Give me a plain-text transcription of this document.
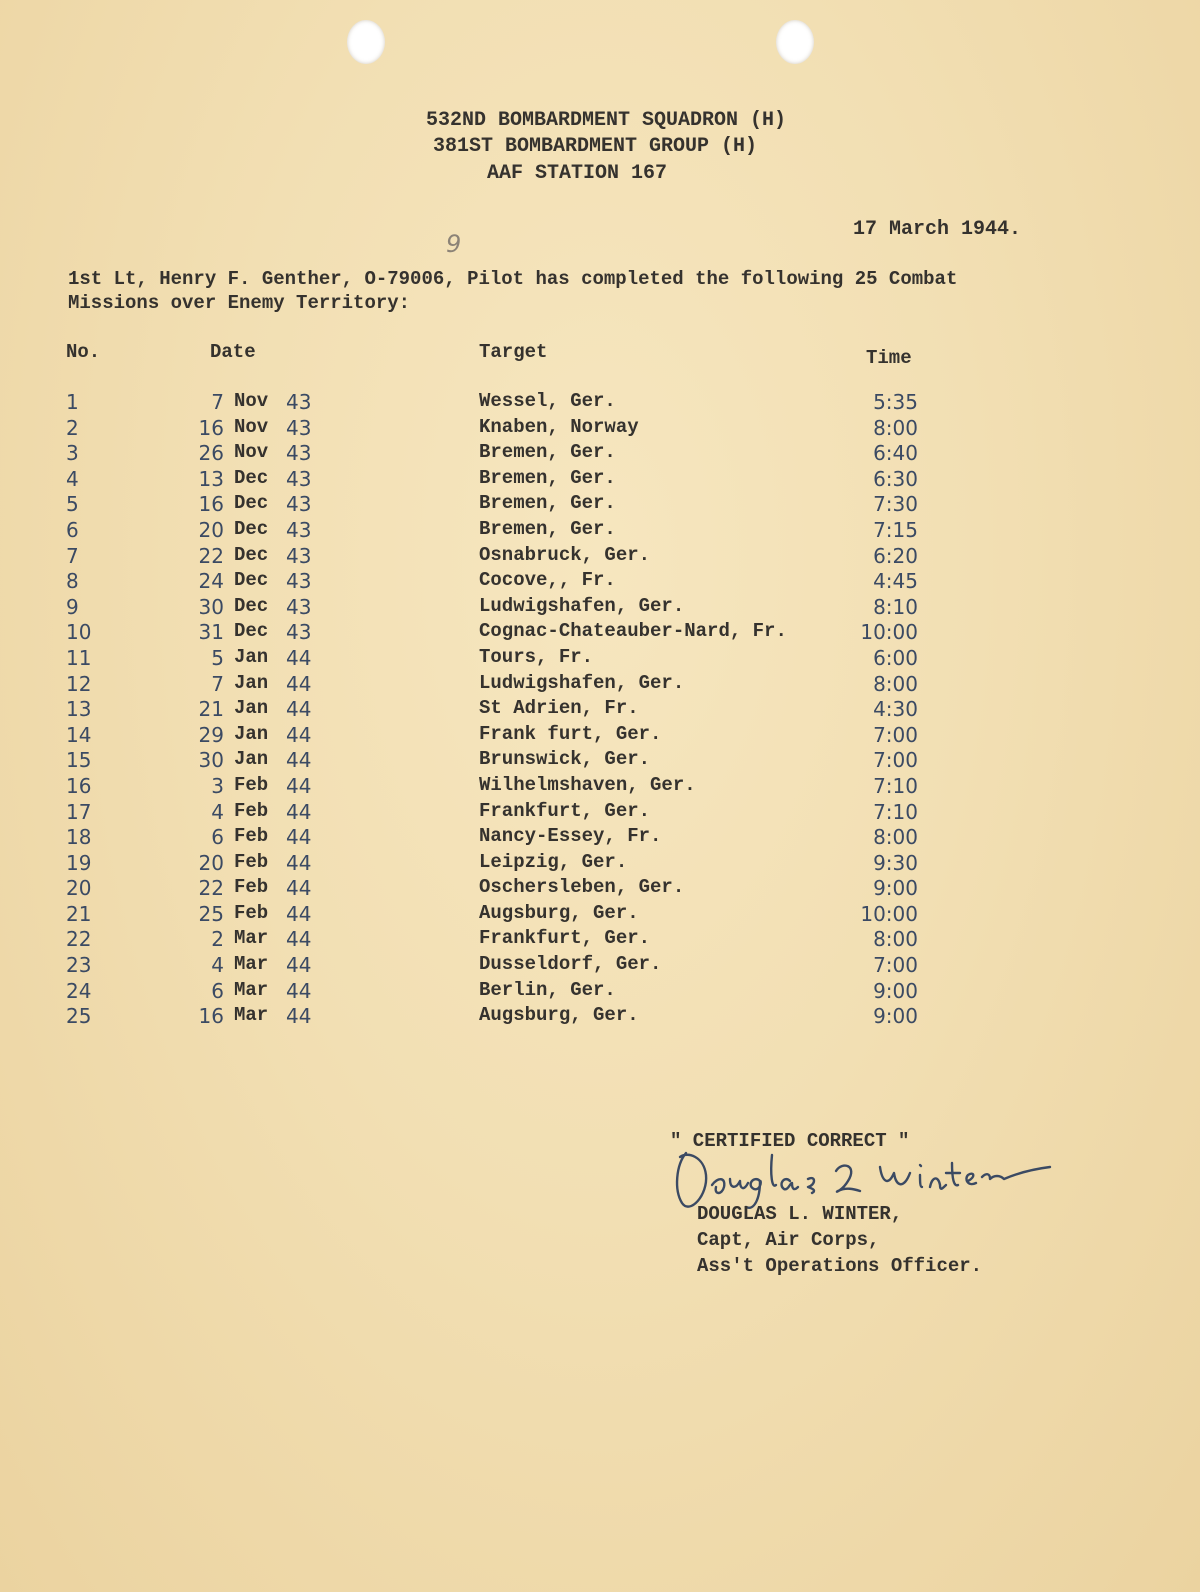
532ND BOMBARDMENT SQUADRON (H)
381ST BOMBARDMENT GROUP (H)
AAF STATION 167
17 March 1944.
9
1st Lt, Henry F. Genther, O-79006, Pilot has completed the following 25 Combat
Missions over Enemy Territory:
No.	Date	Target	Time
1	7 Nov 43	Wessel, Ger.	5:35
2	16 Nov 43	Knaben, Norway	8:00
3	26 Nov 43	Bremen, Ger.	6:40
4	13 Dec 43	Bremen, Ger.	6:30
5	16 Dec 43	Bremen, Ger.	7:30
6	20 Dec 43	Bremen, Ger.	7:15
7	22 Dec 43	Osnabruck, Ger.	6:20
8	24 Dec 43	Cocove,, Fr.	4:45
9	30 Dec 43	Ludwigshafen, Ger.	8:10
10	31 Dec 43	Cognac-Chateauber-Nard, Fr.	10:00
11	5 Jan 44	Tours, Fr.	6:00
12	7 Jan 44	Ludwigshafen, Ger.	8:00
13	21 Jan 44	St Adrien, Fr.	4:30
14	29 Jan 44	Frank furt, Ger.	7:00
15	30 Jan 44	Brunswick, Ger.	7:00
16	3 Feb 44	Wilhelmshaven, Ger.	7:10
17	4 Feb 44	Frankfurt, Ger.	7:10
18	6 Feb 44	Nancy-Essey, Fr.	8:00
19	20 Feb 44	Leipzig, Ger.	9:30
20	22 Feb 44	Oschersleben, Ger.	9:00
21	25 Feb 44	Augsburg, Ger.	10:00
22	2 Mar 44	Frankfurt, Ger.	8:00
23	4 Mar 44	Dusseldorf, Ger.	7:00
24	6 Mar 44	Berlin, Ger.	9:00
25	16 Mar 44	Augsburg, Ger.	9:00
" CERTIFIED CORRECT "
DOUGLAS L. WINTER,
Capt, Air Corps,
Ass't Operations Officer.
